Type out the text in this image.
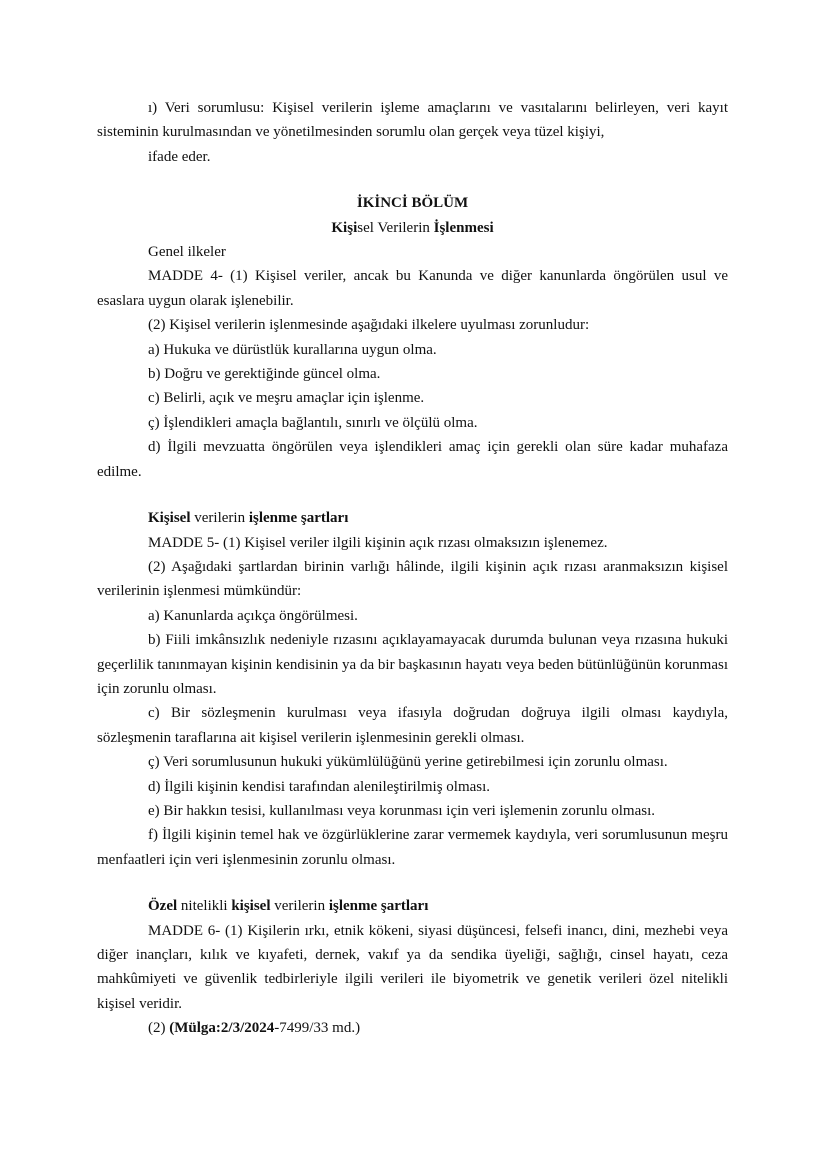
ı) Veri sorumlusu: Kişisel verilerin işleme amaçlarını ve vasıtalarını belirleyen, veri kayıt sisteminin kurulmasından ve yönetilmesinden sorumlu olan gerçek veya tüzel kişiyi,

ifade eder.

İKİNCİ BÖLÜM

Kişisel Verilerin İşlenmesi

Genel ilkeler

MADDE 4- (1) Kişisel veriler, ancak bu Kanunda ve diğer kanunlarda öngörülen usul ve esaslara uygun olarak işlenebilir.

(2) Kişisel verilerin işlenmesinde aşağıdaki ilkelere uyulması zorunludur:

a) Hukuka ve dürüstlük kurallarına uygun olma.

b) Doğru ve gerektiğinde güncel olma.

c) Belirli, açık ve meşru amaçlar için işlenme.

ç) İşlendikleri amaçla bağlantılı, sınırlı ve ölçülü olma.

d) İlgili mevzuatta öngörülen veya işlendikleri amaç için gerekli olan süre kadar muhafaza edilme.

Kişisel verilerin işlenme şartları

MADDE 5- (1) Kişisel veriler ilgili kişinin açık rızası olmaksızın işlenemez.

(2) Aşağıdaki şartlardan birinin varlığı hâlinde, ilgili kişinin açık rızası aranmaksızın kişisel verilerinin işlenmesi mümkündür:

a) Kanunlarda açıkça öngörülmesi.

b) Fiili imkânsızlık nedeniyle rızasını açıklayamayacak durumda bulunan veya rızasına hukuki geçerlilik tanınmayan kişinin kendisinin ya da bir başkasının hayatı veya beden bütünlüğünün korunması için zorunlu olması.

c) Bir sözleşmenin kurulması veya ifasıyla doğrudan doğruya ilgili olması kaydıyla, sözleşmenin taraflarına ait kişisel verilerin işlenmesinin gerekli olması.

ç) Veri sorumlusunun hukuki yükümlülüğünü yerine getirebilmesi için zorunlu olması.

d) İlgili kişinin kendisi tarafından alenileştirilmiş olması.

e) Bir hakkın tesisi, kullanılması veya korunması için veri işlemenin zorunlu olması.

f) İlgili kişinin temel hak ve özgürlüklerine zarar vermemek kaydıyla, veri sorumlusunun meşru menfaatleri için veri işlenmesinin zorunlu olması.

Özel nitelikli kişisel verilerin işlenme şartları

MADDE 6- (1) Kişilerin ırkı, etnik kökeni, siyasi düşüncesi, felsefi inancı, dini, mezhebi veya diğer inançları, kılık ve kıyafeti, dernek, vakıf ya da sendika üyeliği, sağlığı, cinsel hayatı, ceza mahkûmiyeti ve güvenlik tedbirleriyle ilgili verileri ile biyometrik ve genetik verileri özel nitelikli kişisel veridir.

(2) (Mülga:2/3/2024-7499/33 md.)
